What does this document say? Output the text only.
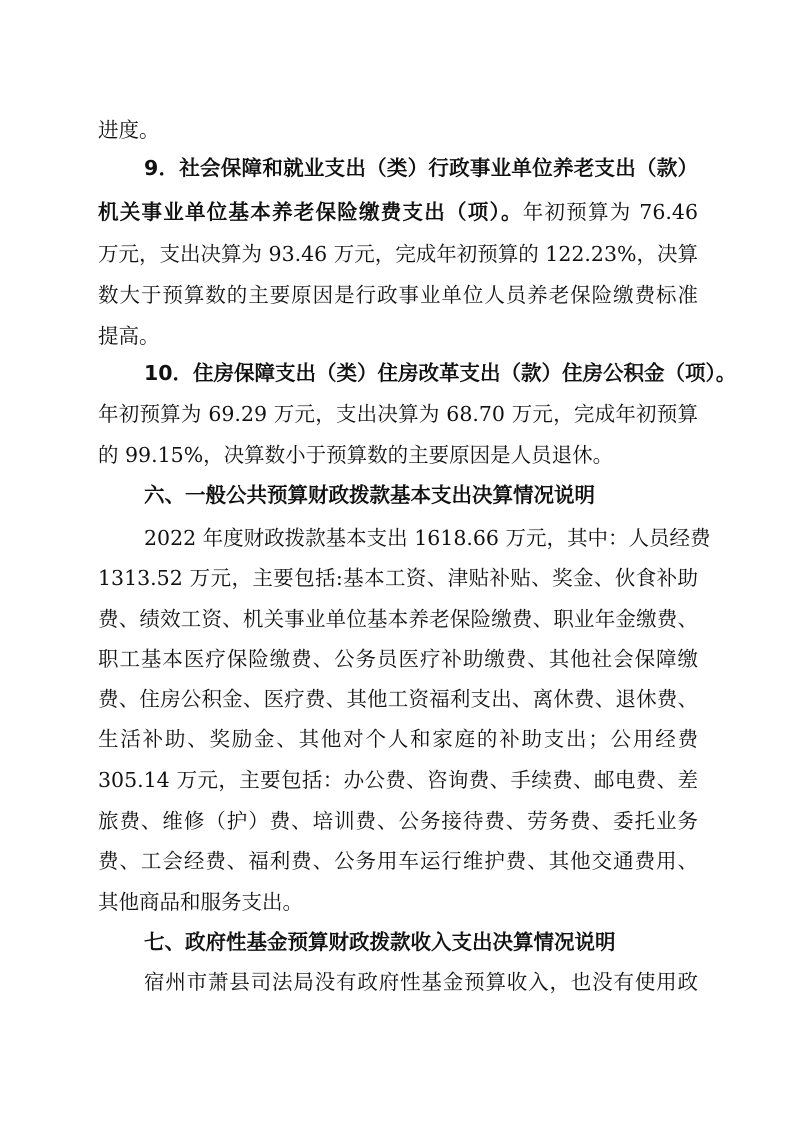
进度。
9．社会保障和就业支出（类）行政事业单位养老支出（款）
机关事业单位基本养老保险缴费支出（项）。年初预算为 76.46
万元，支出决算为 93.46 万元，完成年初预算的 122.23%，决算
数大于预算数的主要原因是行政事业单位人员养老保险缴费标准
提高。
10．住房保障支出（类）住房改革支出（款）住房公积金（项）。
年初预算为 69.29 万元，支出决算为 68.70 万元，完成年初预算
的 99.15%，决算数小于预算数的主要原因是人员退休。
六、一般公共预算财政拨款基本支出决算情况说明
2022 年度财政拨款基本支出 1618.66 万元，其中：人员经费
1313.52 万元，主要包括:基本工资、津贴补贴、奖金、伙食补助
费、绩效工资、机关事业单位基本养老保险缴费、职业年金缴费、
职工基本医疗保险缴费、公务员医疗补助缴费、其他社会保障缴
费、住房公积金、医疗费、其他工资福利支出、离休费、退休费、
生活补助、奖励金、其他对个人和家庭的补助支出；公用经费
305.14 万元，主要包括：办公费、咨询费、手续费、邮电费、差
旅费、维修（护）费、培训费、公务接待费、劳务费、委托业务
费、工会经费、福利费、公务用车运行维护费、其他交通费用、
其他商品和服务支出。
七、政府性基金预算财政拨款收入支出决算情况说明
宿州市萧县司法局没有政府性基金预算收入，也没有使用政
